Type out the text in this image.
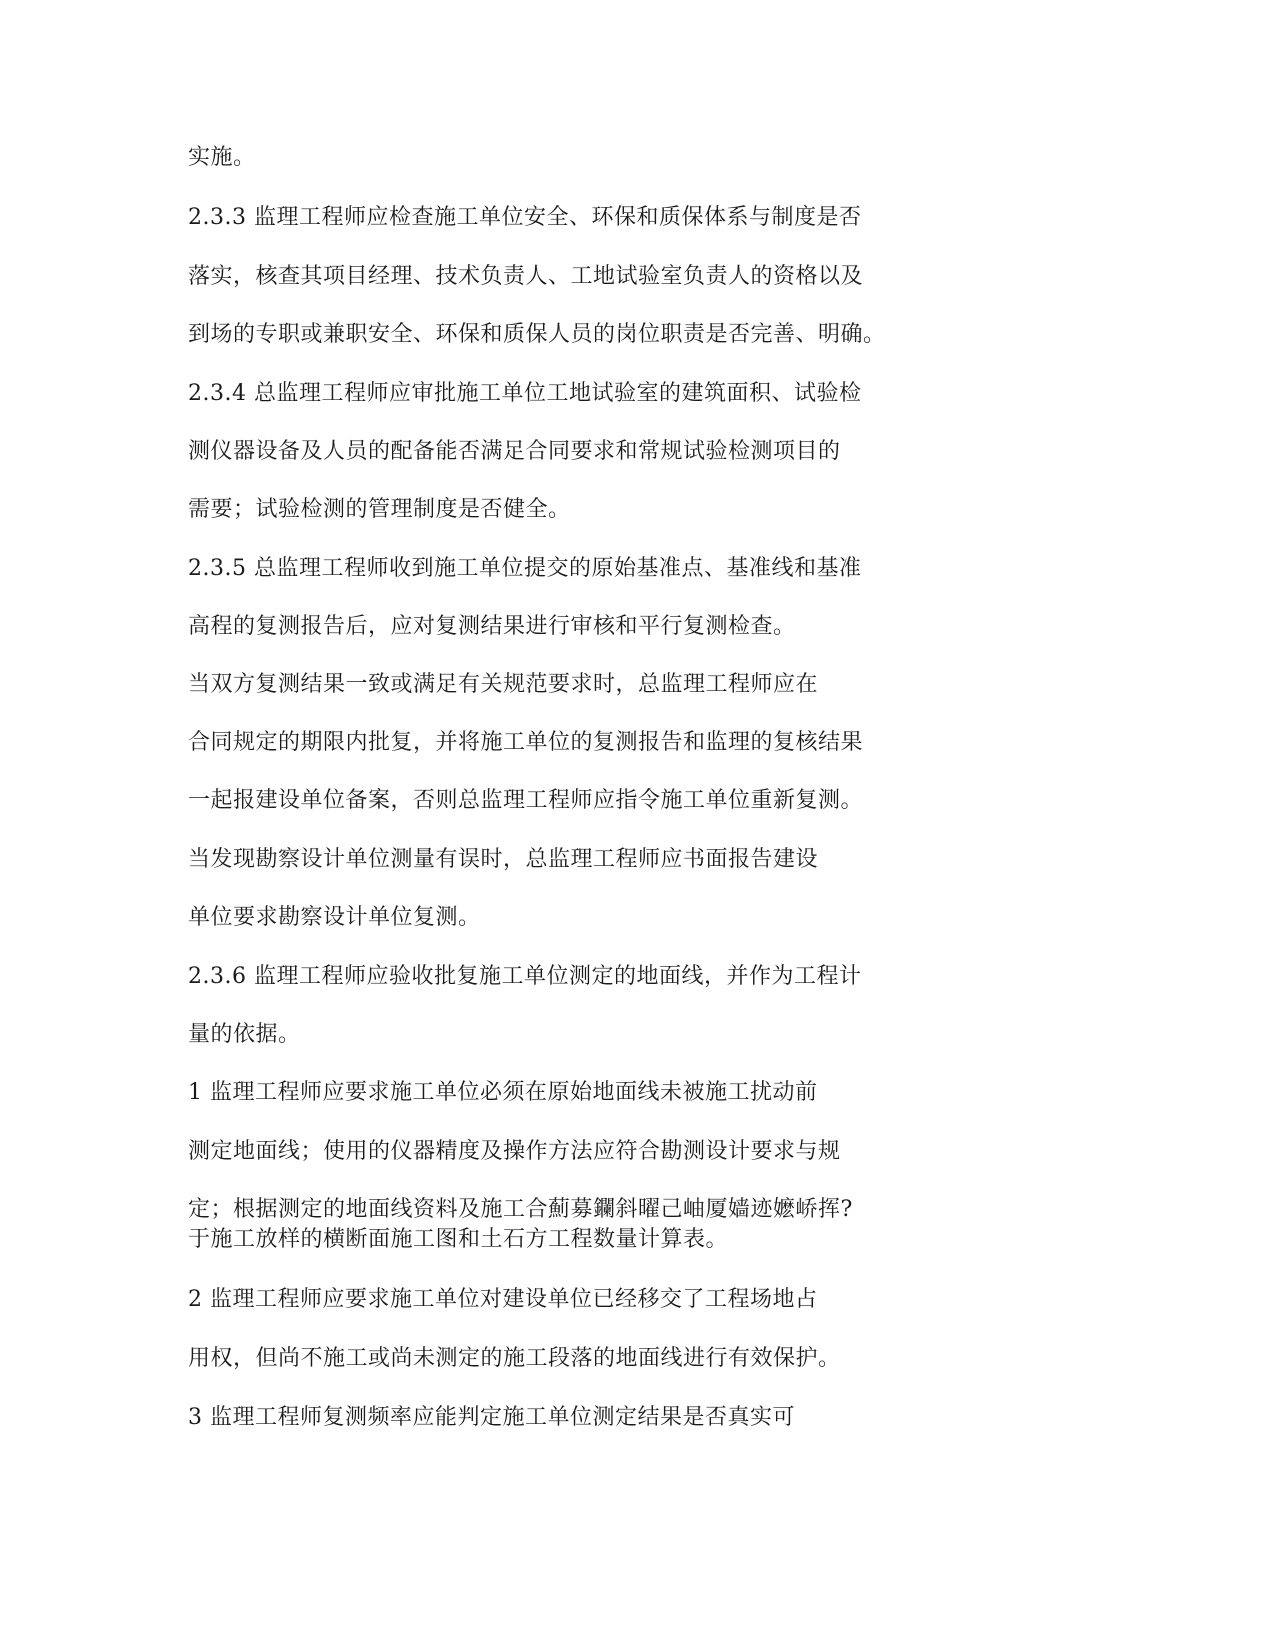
实施。
2.3.3 监理工程师应检查施工单位安全、环保和质保体系与制度是否
落实，核查其项目经理、技术负责人、工地试验室负责人的资格以及
到场的专职或兼职安全、环保和质保人员的岗位职责是否完善、明确。
2.3.4 总监理工程师应审批施工单位工地试验室的建筑面积、试验检
测仪器设备及人员的配备能否满足合同要求和常规试验检测项目的
需要；试验检测的管理制度是否健全。
2.3.5 总监理工程师收到施工单位提交的原始基准点、基准线和基准
高程的复测报告后，应对复测结果进行审核和平行复测检查。
当双方复测结果一致或满足有关规范要求时，总监理工程师应在
合同规定的期限内批复，并将施工单位的复测报告和监理的复核结果
一起报建设单位备案，否则总监理工程师应指令施工单位重新复测。
当发现勘察设计单位测量有误时，总监理工程师应书面报告建设
单位要求勘察设计单位复测。
2.3.6 监理工程师应验收批复施工单位测定的地面线，并作为工程计
量的依据。
1 监理工程师应要求施工单位必须在原始地面线未被施工扰动前
测定地面线；使用的仪器精度及操作方法应符合勘测设计要求与规
定；根据测定的地面线资料及施工合薊募鑭斜曜己岫厦嫱迹嬷峤挥?
于施工放样的横断面施工图和土石方工程数量计算表。
2 监理工程师应要求施工单位对建设单位已经移交了工程场地占
用权，但尚不施工或尚未测定的施工段落的地面线进行有效保护。
3 监理工程师复测频率应能判定施工单位测定结果是否真实可
